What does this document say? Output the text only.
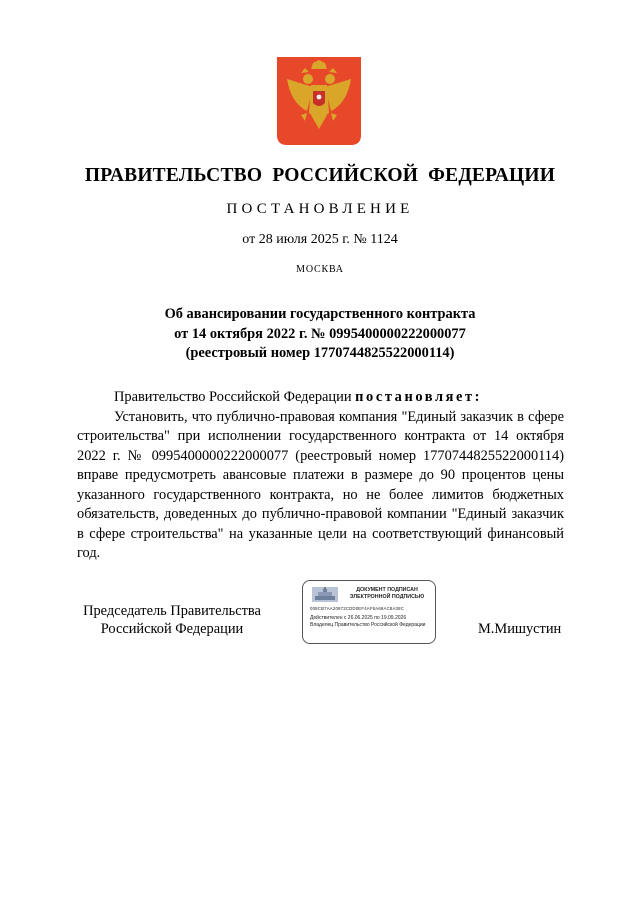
ПРАВИТЕЛЬСТВО РОССИЙСКОЙ ФЕДЕРАЦИИ
ПОСТАНОВЛЕНИЕ
от 28 июля 2025 г. № 1124
МОСКВА
Об авансировании государственного контракта
от 14 октября 2022 г. № 0995400000222000077
(реестровый номер 1770744825522000114)

Правительство Российской Федерации постановляет:

Установить, что публично-правовая компания "Единый заказчик в сфере строительства" при исполнении государственного контракта от 14 октября 2022 г. № 0995400000222000077 (реестровый номер 1770744825522000114) вправе предусмотреть авансовые платежи в размере до 90 процентов цены указанного государственного контракта, но не более лимитов бюджетных обязательств, доведенных до публично-правовой компании "Единый заказчик в сфере строительства" на указанные цели на соответствующий финансовый год.

Председатель Правительства
Российской Федерации
ДОКУМЕНТ ПОДПИСАН
ЭЛЕКТРОННОЙ ПОДПИСЬЮ
008CB7AA20972CDD0EF4AF8A69AC8A38C
Действителен с 26.06.2025 по 19.09.2026
Владелец Правительство Российской Федерации	М.Мишустин
